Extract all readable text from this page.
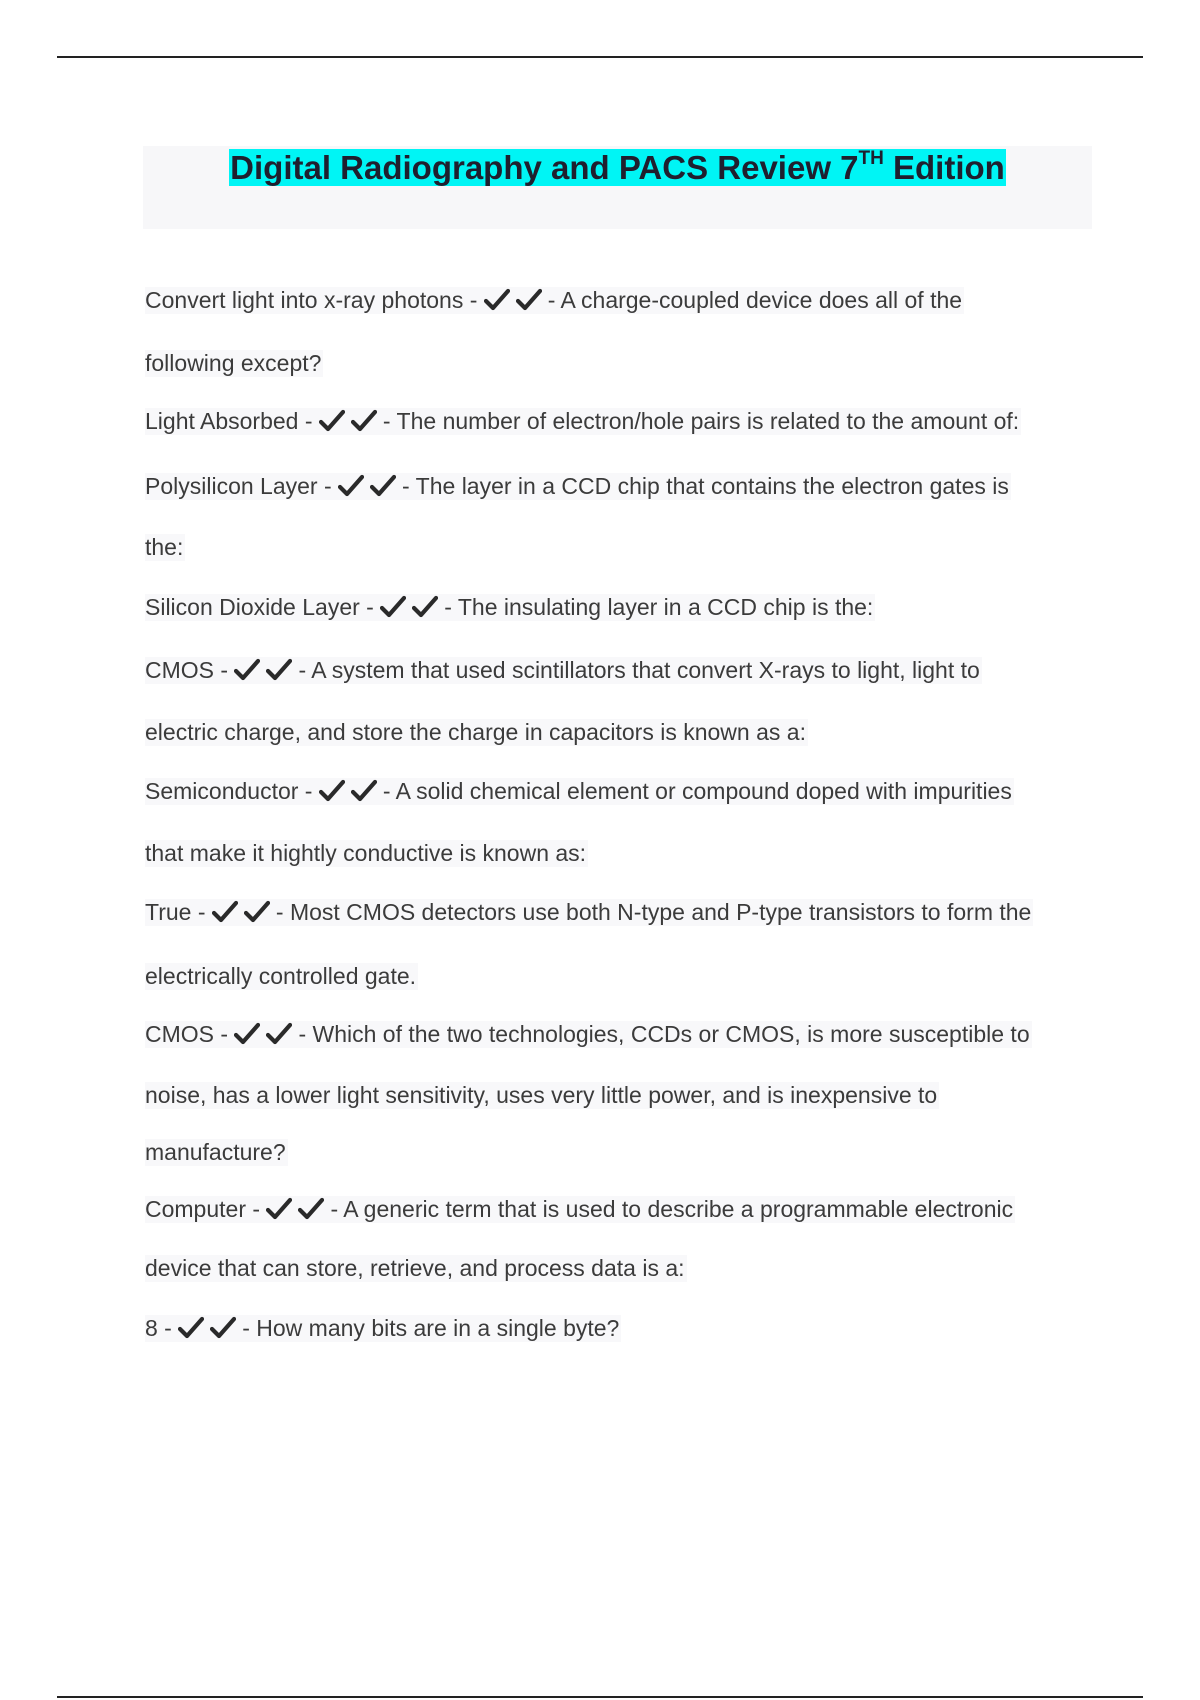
Digital Radiography and PACS Review 7TH Edition
Convert light into x-ray photons -	- A charge-coupled device does all of the
following except?
Light Absorbed -	- The number of electron/hole pairs is related to the amount of:
Polysilicon Layer -	- The layer in a CCD chip that contains the electron gates is
the:
Silicon Dioxide Layer -	- The insulating layer in a CCD chip is the:
CMOS -	- A system that used scintillators that convert X-rays to light, light to
electric charge, and store the charge in capacitors is known as a:
Semiconductor -	- A solid chemical element or compound doped with impurities
that make it hightly conductive is known as:
True -	- Most CMOS detectors use both N-type and P-type transistors to form the
electrically controlled gate.
CMOS -	- Which of the two technologies, CCDs or CMOS, is more susceptible to
noise, has a lower light sensitivity, uses very little power, and is inexpensive to
manufacture?
Computer -	- A generic term that is used to describe a programmable electronic
device that can store, retrieve, and process data is a:
8 -	- How many bits are in a single byte?
